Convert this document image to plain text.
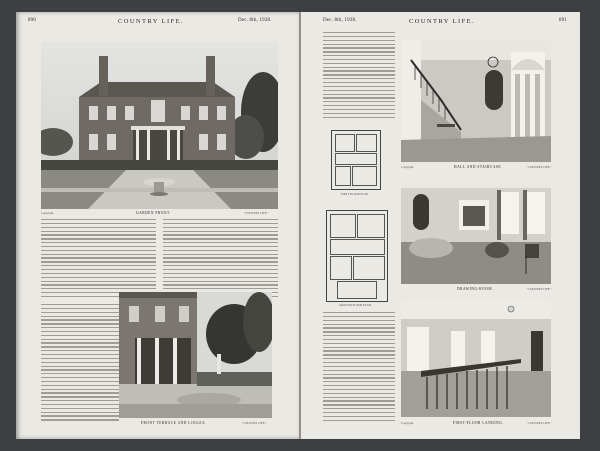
890	COUNTRY LIFE.	Dec. 8th, 1928.
Copyright.	GARDEN FRONT.	"COUNTRY LIFE."
FRONT TERRACE AND LOGGIA.	"COUNTRY LIFE."
Dec. 8th, 1928.	COUNTRY LIFE.	891
FIRST FLOOR PLAN.
GROUND FLOOR PLAN.
Copyright.	HALL AND STAIRCASE.	"COUNTRY LIFE."
DRAWING-ROOM.	"COUNTRY LIFE."
Copyright.	FIRST-FLOOR LANDING.	"COUNTRY LIFE."
